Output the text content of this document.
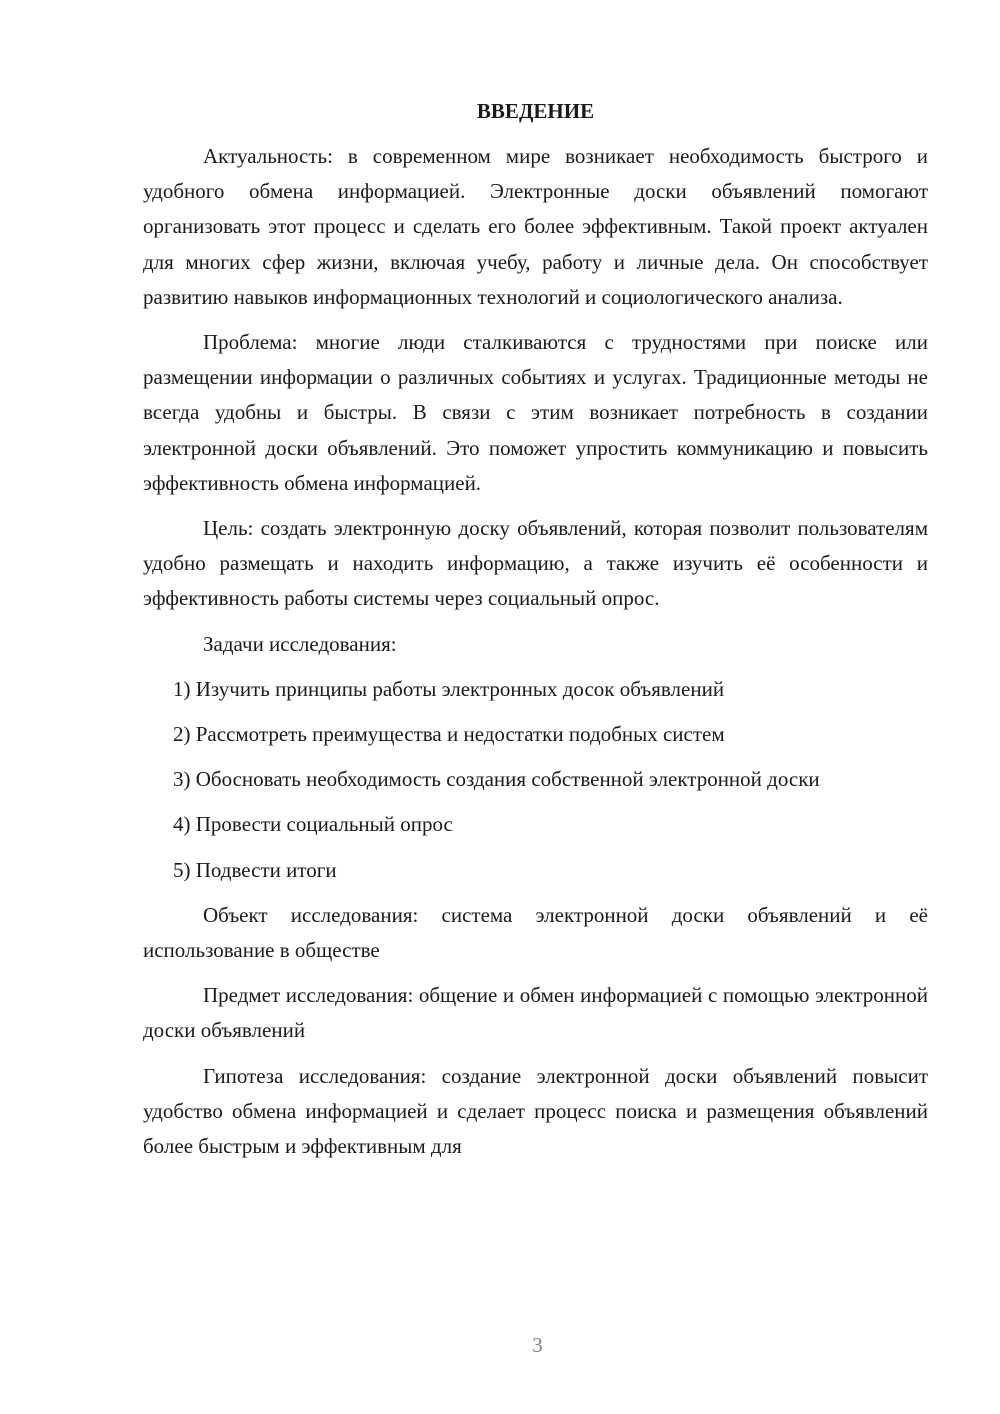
ВВЕДЕНИЕ

Актуальность: в современном мире возникает необходимость быстрого и удобного обмена информацией. Электронные доски объявлений помогают организовать этот процесс и сделать его более эффективным. Такой проект актуален для многих сфер жизни, включая учебу, работу и личные дела. Он способствует развитию навыков информационных технологий и социологического анализа.

Проблема: многие люди сталкиваются с трудностями при поиске или размещении информации о различных событиях и услугах. Традиционные методы не всегда удобны и быстры. В связи с этим возникает потребность в создании электронной доски объявлений. Это поможет упростить коммуникацию и повысить эффективность обмена информацией.

Цель: создать электронную доску объявлений, которая позволит пользователям удобно размещать и находить информацию, а также изучить её особенности и эффективность работы системы через социальный опрос.

Задачи исследования:

1) Изучить принципы работы электронных досок объявлений

2) Рассмотреть преимущества и недостатки подобных систем

3) Обосновать необходимость создания собственной электронной доски

4) Провести социальный опрос

5) Подвести итоги

Объект исследования: система электронной доски объявлений и её использование в обществе

Предмет исследования: общение и обмен информацией с помощью электронной доски объявлений

Гипотеза исследования: создание электронной доски объявлений повысит удобство обмена информацией и сделает процесс поиска и размещения объявлений более быстрым и эффективным для

3
